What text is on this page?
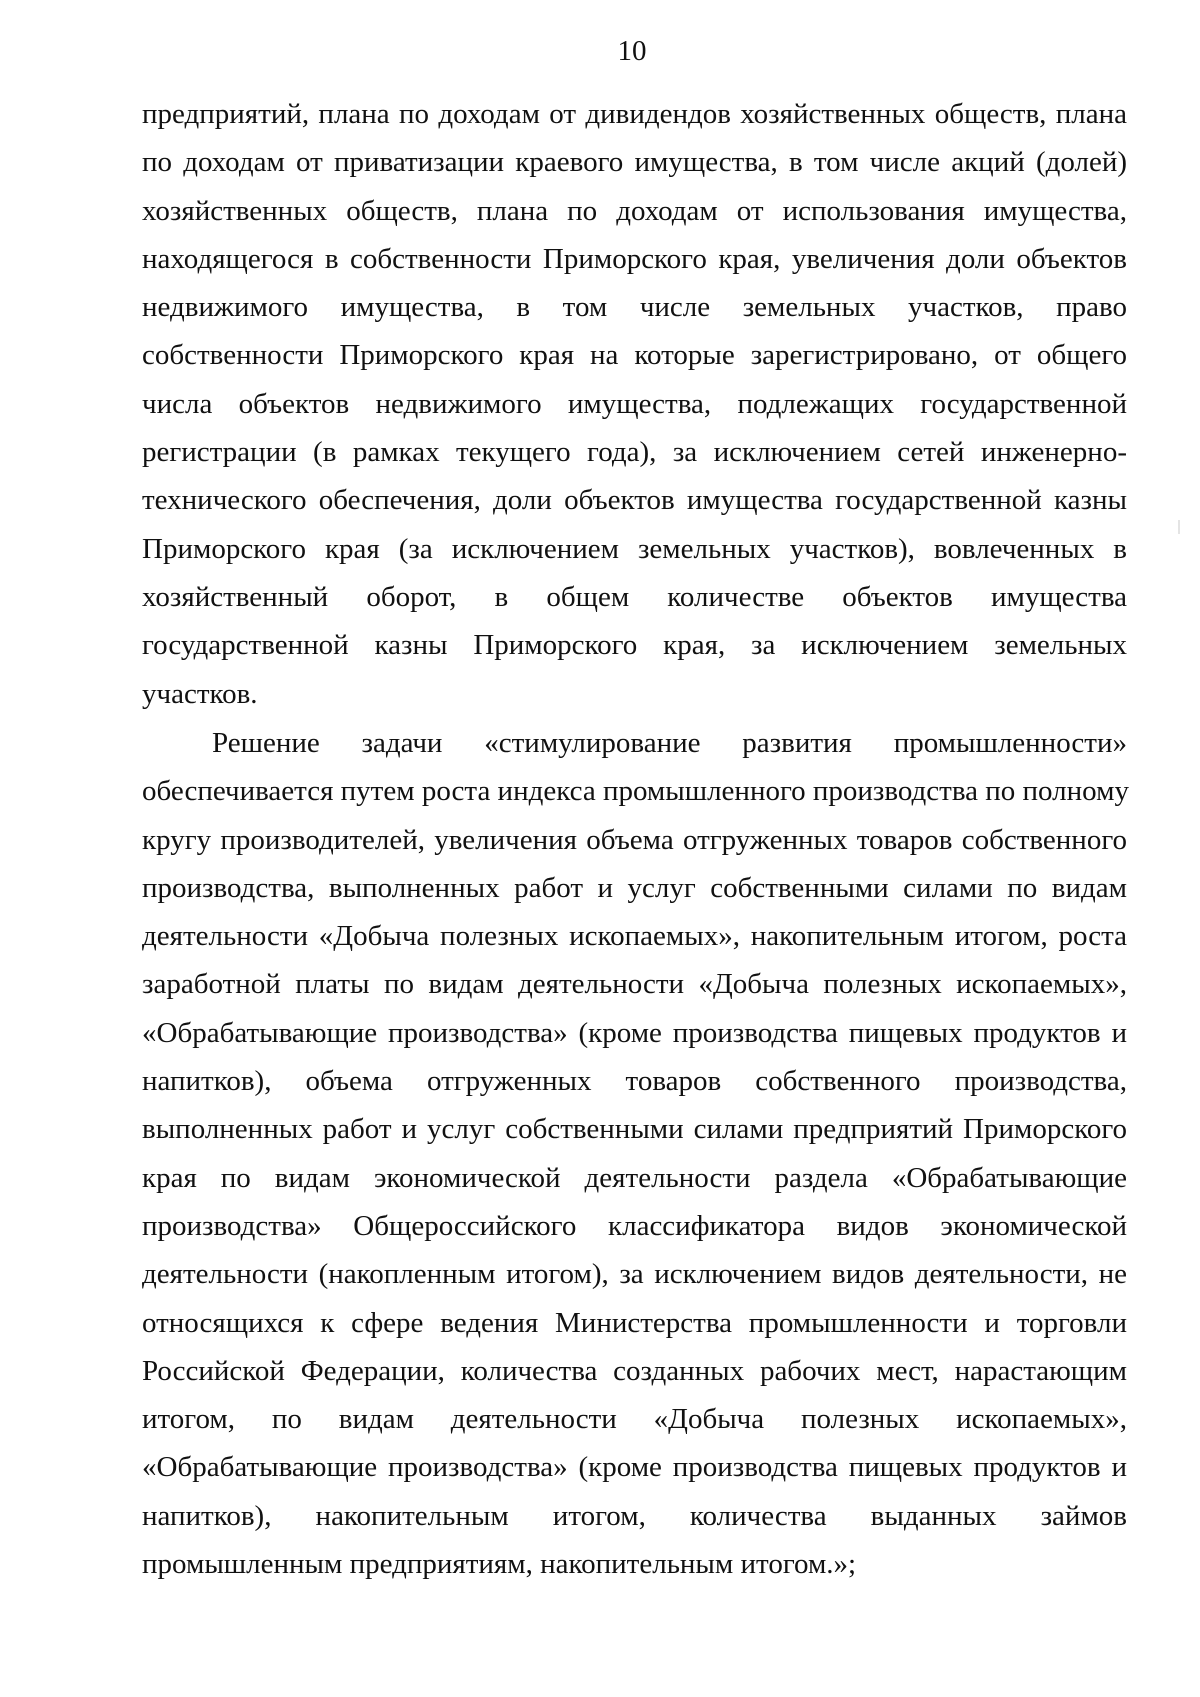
10
предприятий, плана по доходам от дивидендов хозяйственных обществ, плана
по доходам от приватизации краевого имущества, в том числе акций (долей)
хозяйственных обществ, плана по доходам от использования имущества,
находящегося в собственности Приморского края, увеличения доли объектов
недвижимого имущества, в том числе земельных участков, право
собственности Приморского края на которые зарегистрировано, от общего
числа объектов недвижимого имущества, подлежащих государственной
регистрации (в рамках текущего года), за исключением сетей инженерно-
технического обеспечения, доли объектов имущества государственной казны
Приморского края (за исключением земельных участков), вовлеченных в
хозяйственный оборот, в общем количестве объектов имущества
государственной казны Приморского края, за исключением земельных
участков.
Решение задачи «стимулирование развития промышленности»
обеспечивается путем роста индекса промышленного производства по полному
кругу производителей, увеличения объема отгруженных товаров собственного
производства, выполненных работ и услуг собственными силами по видам
деятельности «Добыча полезных ископаемых», накопительным итогом, роста
заработной платы по видам деятельности «Добыча полезных ископаемых»,
«Обрабатывающие производства» (кроме производства пищевых продуктов и
напитков), объема отгруженных товаров собственного производства,
выполненных работ и услуг собственными силами предприятий Приморского
края по видам экономической деятельности раздела «Обрабатывающие
производства» Общероссийского классификатора видов экономической
деятельности (накопленным итогом), за исключением видов деятельности, не
относящихся к сфере ведения Министерства промышленности и торговли
Российской Федерации, количества созданных рабочих мест, нарастающим
итогом, по видам деятельности «Добыча полезных ископаемых»,
«Обрабатывающие производства» (кроме производства пищевых продуктов и
напитков), накопительным итогом, количества выданных займов
промышленным предприятиям, накопительным итогом.»;
